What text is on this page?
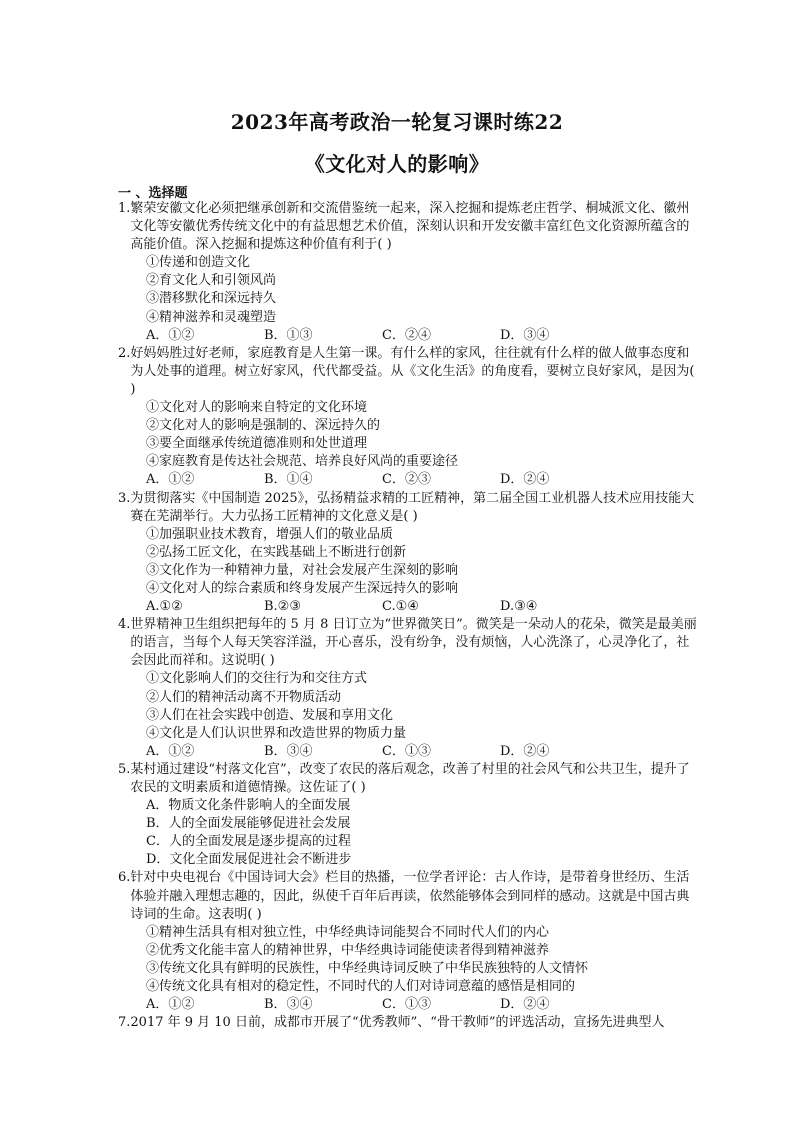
2023年高考政治一轮复习课时练22
《文化对人的影响》
一 、选择题
1. 繁荣安徽文化必须把继承创新和交流借鉴统一起来，深入挖掘和提炼老庄哲学、桐城派文化、徽州文化等安徽优秀传统文化中的有益思想艺术价值，深刻认识和开发安徽丰富红色文化资源所蕴含的高能价值。深入挖掘和提炼这种价值有利于( )
①传递和创造文化
②育文化人和引领风尚
③潜移默化和深远持久
④精神滋养和灵魂塑造
A．①②	B．①③	C．②④	D．③④
2. 好妈妈胜过好老师，家庭教育是人生第一课。有什么样的家风，往往就有什么样的做人做事态度和为人处事的道理。树立好家风，代代都受益。从《文化生活》的角度看，要树立良好家风，是因为( )
①文化对人的影响来自特定的文化环境
②文化对人的影响是强制的、深远持久的
③要全面继承传统道德准则和处世道理
④家庭教育是传达社会规范、培养良好风尚的重要途径
A．①②	B．①④	C．②③	D．②④
3. 为贯彻落实《中国制造 2025》，弘扬精益求精的工匠精神，第二届全国工业机器人技术应用技能大赛在芜湖举行。大力弘扬工匠精神的文化意义是( )
①加强职业技术教育，增强人们的敬业品质
②弘扬工匠文化，在实践基础上不断进行创新
③文化作为一种精神力量，对社会发展产生深刻的影响
④文化对人的综合素质和终身发展产生深远持久的影响
A.①②	B.②③	C.①④	D.③④
4. 世界精神卫生组织把每年的 5 月 8 日订立为“世界微笑日”。微笑是一朵动人的花朵，微笑是最美丽的语言，当每个人每天笑容洋溢，开心喜乐，没有纷争，没有烦恼，人心洗涤了，心灵净化了，社会因此而祥和。这说明( )
①文化影响人们的交往行为和交往方式
②人们的精神活动离不开物质活动
③人们在社会实践中创造、发展和享用文化
④文化是人们认识世界和改造世界的物质力量
A．①②	B．③④	C．①③	D．②④
5. 某村通过建设“村落文化宫”，改变了农民的落后观念，改善了村里的社会风气和公共卫生，提升了农民的文明素质和道德情操。这佐证了( )
A．物质文化条件影响人的全面发展
B．人的全面发展能够促进社会发展
C．人的全面发展是逐步提高的过程
D．文化全面发展促进社会不断进步
6. 针对中央电视台《中国诗词大会》栏目的热播，一位学者评论：古人作诗，是带着身世经历、生活体验并融入理想志趣的，因此，纵使千百年后再读，依然能够体会到同样的感动。这就是中国古典诗词的生命。这表明( )
①精神生活具有相对独立性，中华经典诗词能契合不同时代人们的内心
②优秀文化能丰富人的精神世界，中华经典诗词能使读者得到精神滋养
③传统文化具有鲜明的民族性，中华经典诗词反映了中华民族独特的人文情怀
④传统文化具有相对的稳定性，不同时代的人们对诗词意蕴的感悟是相同的
A．①②	B．③④	C．①③	D．②④
7. 2017 年 9 月 10 日前，成都市开展了“优秀教师”、“骨干教师”的评选活动，宣扬先进典型人
